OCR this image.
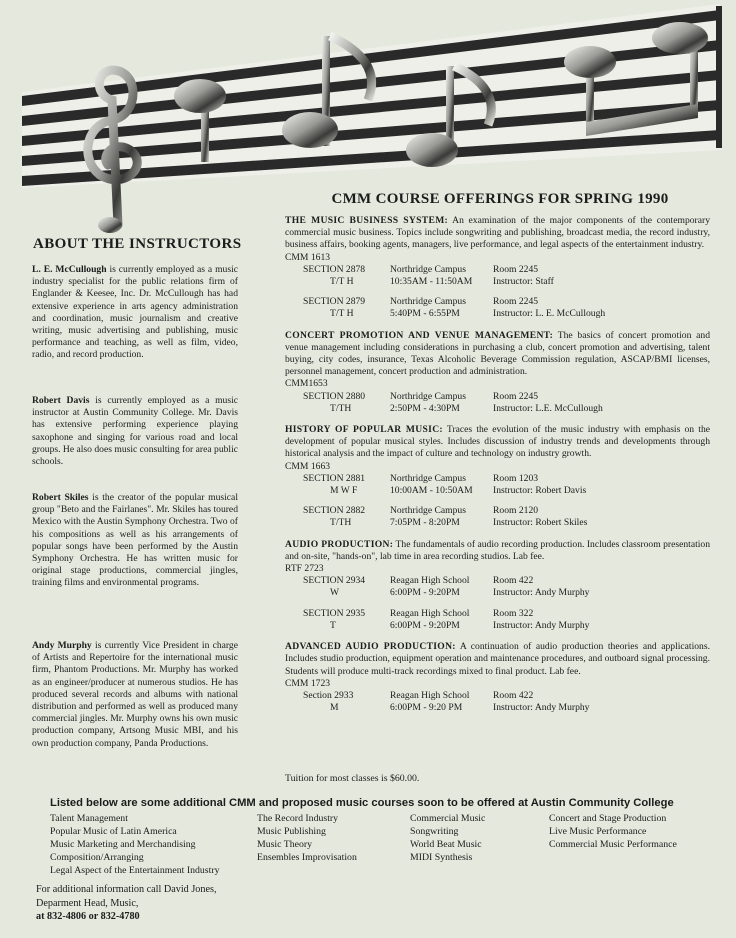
CMM COURSE OFFERINGS FOR SPRING 1990
ABOUT THE INSTRUCTORS
L. E. McCullough is currently employed as a music industry specialist for the public relations firm of Englander & Keesee, Inc. Dr. McCullough has had extensive experience in arts agency administration and coordination, music journalism and creative writing, music advertising and publishing, music performance and teaching, as well as film, video, radio, and record production.
Robert Davis is currently employed as a music instructor at Austin Community College. Mr. Davis has extensive performing experience playing saxophone and singing for various road and local groups. He also does music consulting for area public schools.
Robert Skiles is the creator of the popular musical group "Beto and the Fairlanes". Mr. Skiles has toured Mexico with the Austin Symphony Orchestra. Two of his compositions as well as his arrangements of popular songs have been performed by the Austin Symphony Orchestra. He has written music for original stage productions, commercial jingles, training films and environmental programs.
Andy Murphy is currently Vice President in charge of Artists and Repertoire for the international music firm, Phantom Productions. Mr. Murphy has worked as an engineer/producer at numerous studios. He has produced several records and albums with national distribution and performed as well as produced many commercial jingles. Mr. Murphy owns his own music production company, Artsong Music MBI, and his own production company, Panda Productions.

THE MUSIC BUSINESS SYSTEM: An examination of the major components of the contemporary commercial music business. Topics include songwriting and publishing, broadcast media, the record industry, business affairs, booking agents, managers, live performance, and legal aspects of the entertainment industry.

CMM 1613

SECTION 2878	Northridge Campus	Room 2245
T/T H	10:35AM - 11:50AM	Instructor: Staff
SECTION 2879	Northridge Campus	Room 2245
T/T H	5:40PM - 6:55PM	Instructor: L. E. McCullough

CONCERT PROMOTION AND VENUE MANAGEMENT: The basics of concert promotion and venue management including considerations in purchasing a club, concert promotion and advertising, talent buying, city codes, insurance, Texas Alcoholic Beverage Commission regulation, ASCAP/BMI licenses, personnel management, concert production and administration.

CMM1653

SECTION 2880	Northridge Campus	Room 2245
T/TH	2:50PM - 4:30PM	Instructor: L.E. McCullough

HISTORY OF POPULAR MUSIC: Traces the evolution of the music industry with emphasis on the development of popular musical styles. Includes discussion of industry trends and developments through historical analysis and the impact of culture and technology on industry growth.

CMM 1663

SECTION 2881	Northridge Campus	Room 1203
M W F	10:00AM - 10:50AM	Instructor: Robert Davis
SECTION 2882	Northridge Campus	Room 2120
T/TH	7:05PM - 8:20PM	Instructor: Robert Skiles

AUDIO PRODUCTION: The fundamentals of audio recording production. Includes classroom presentation and on-site, "hands-on", lab time in area recording studios. Lab fee.

RTF 2723

SECTION 2934	Reagan High School	Room 422
W	6:00PM - 9:20PM	Instructor: Andy Murphy
SECTION 2935	Reagan High School	Room 322
T	6:00PM - 9:20PM	Instructor: Andy Murphy

ADVANCED AUDIO PRODUCTION: A continuation of audio production theories and applications. Includes studio production, equipment operation and maintenance procedures, and outboard signal processing. Students will produce multi-track recordings mixed to final product. Lab fee.

CMM 1723

Section 2933	Reagan High School	Room 422
M	6:00PM - 9:20 PM	Instructor: Andy Murphy
Tuition for most classes is $60.00.
Listed below are some additional CMM and proposed music courses soon to be offered at Austin Community College
Talent Management
Popular Music of Latin America
Music Marketing and Merchandising
Composition/Arranging
Legal Aspect of the Entertainment Industry
The Record Industry
Music Publishing
Music Theory
Ensembles Improvisation
Commercial Music
Songwriting
World Beat Music
MIDI Synthesis
Concert and Stage Production
Live Music Performance
Commercial Music Performance
For additional information call David Jones,
Deparment Head, Music,
at 832-4806 or 832-4780
